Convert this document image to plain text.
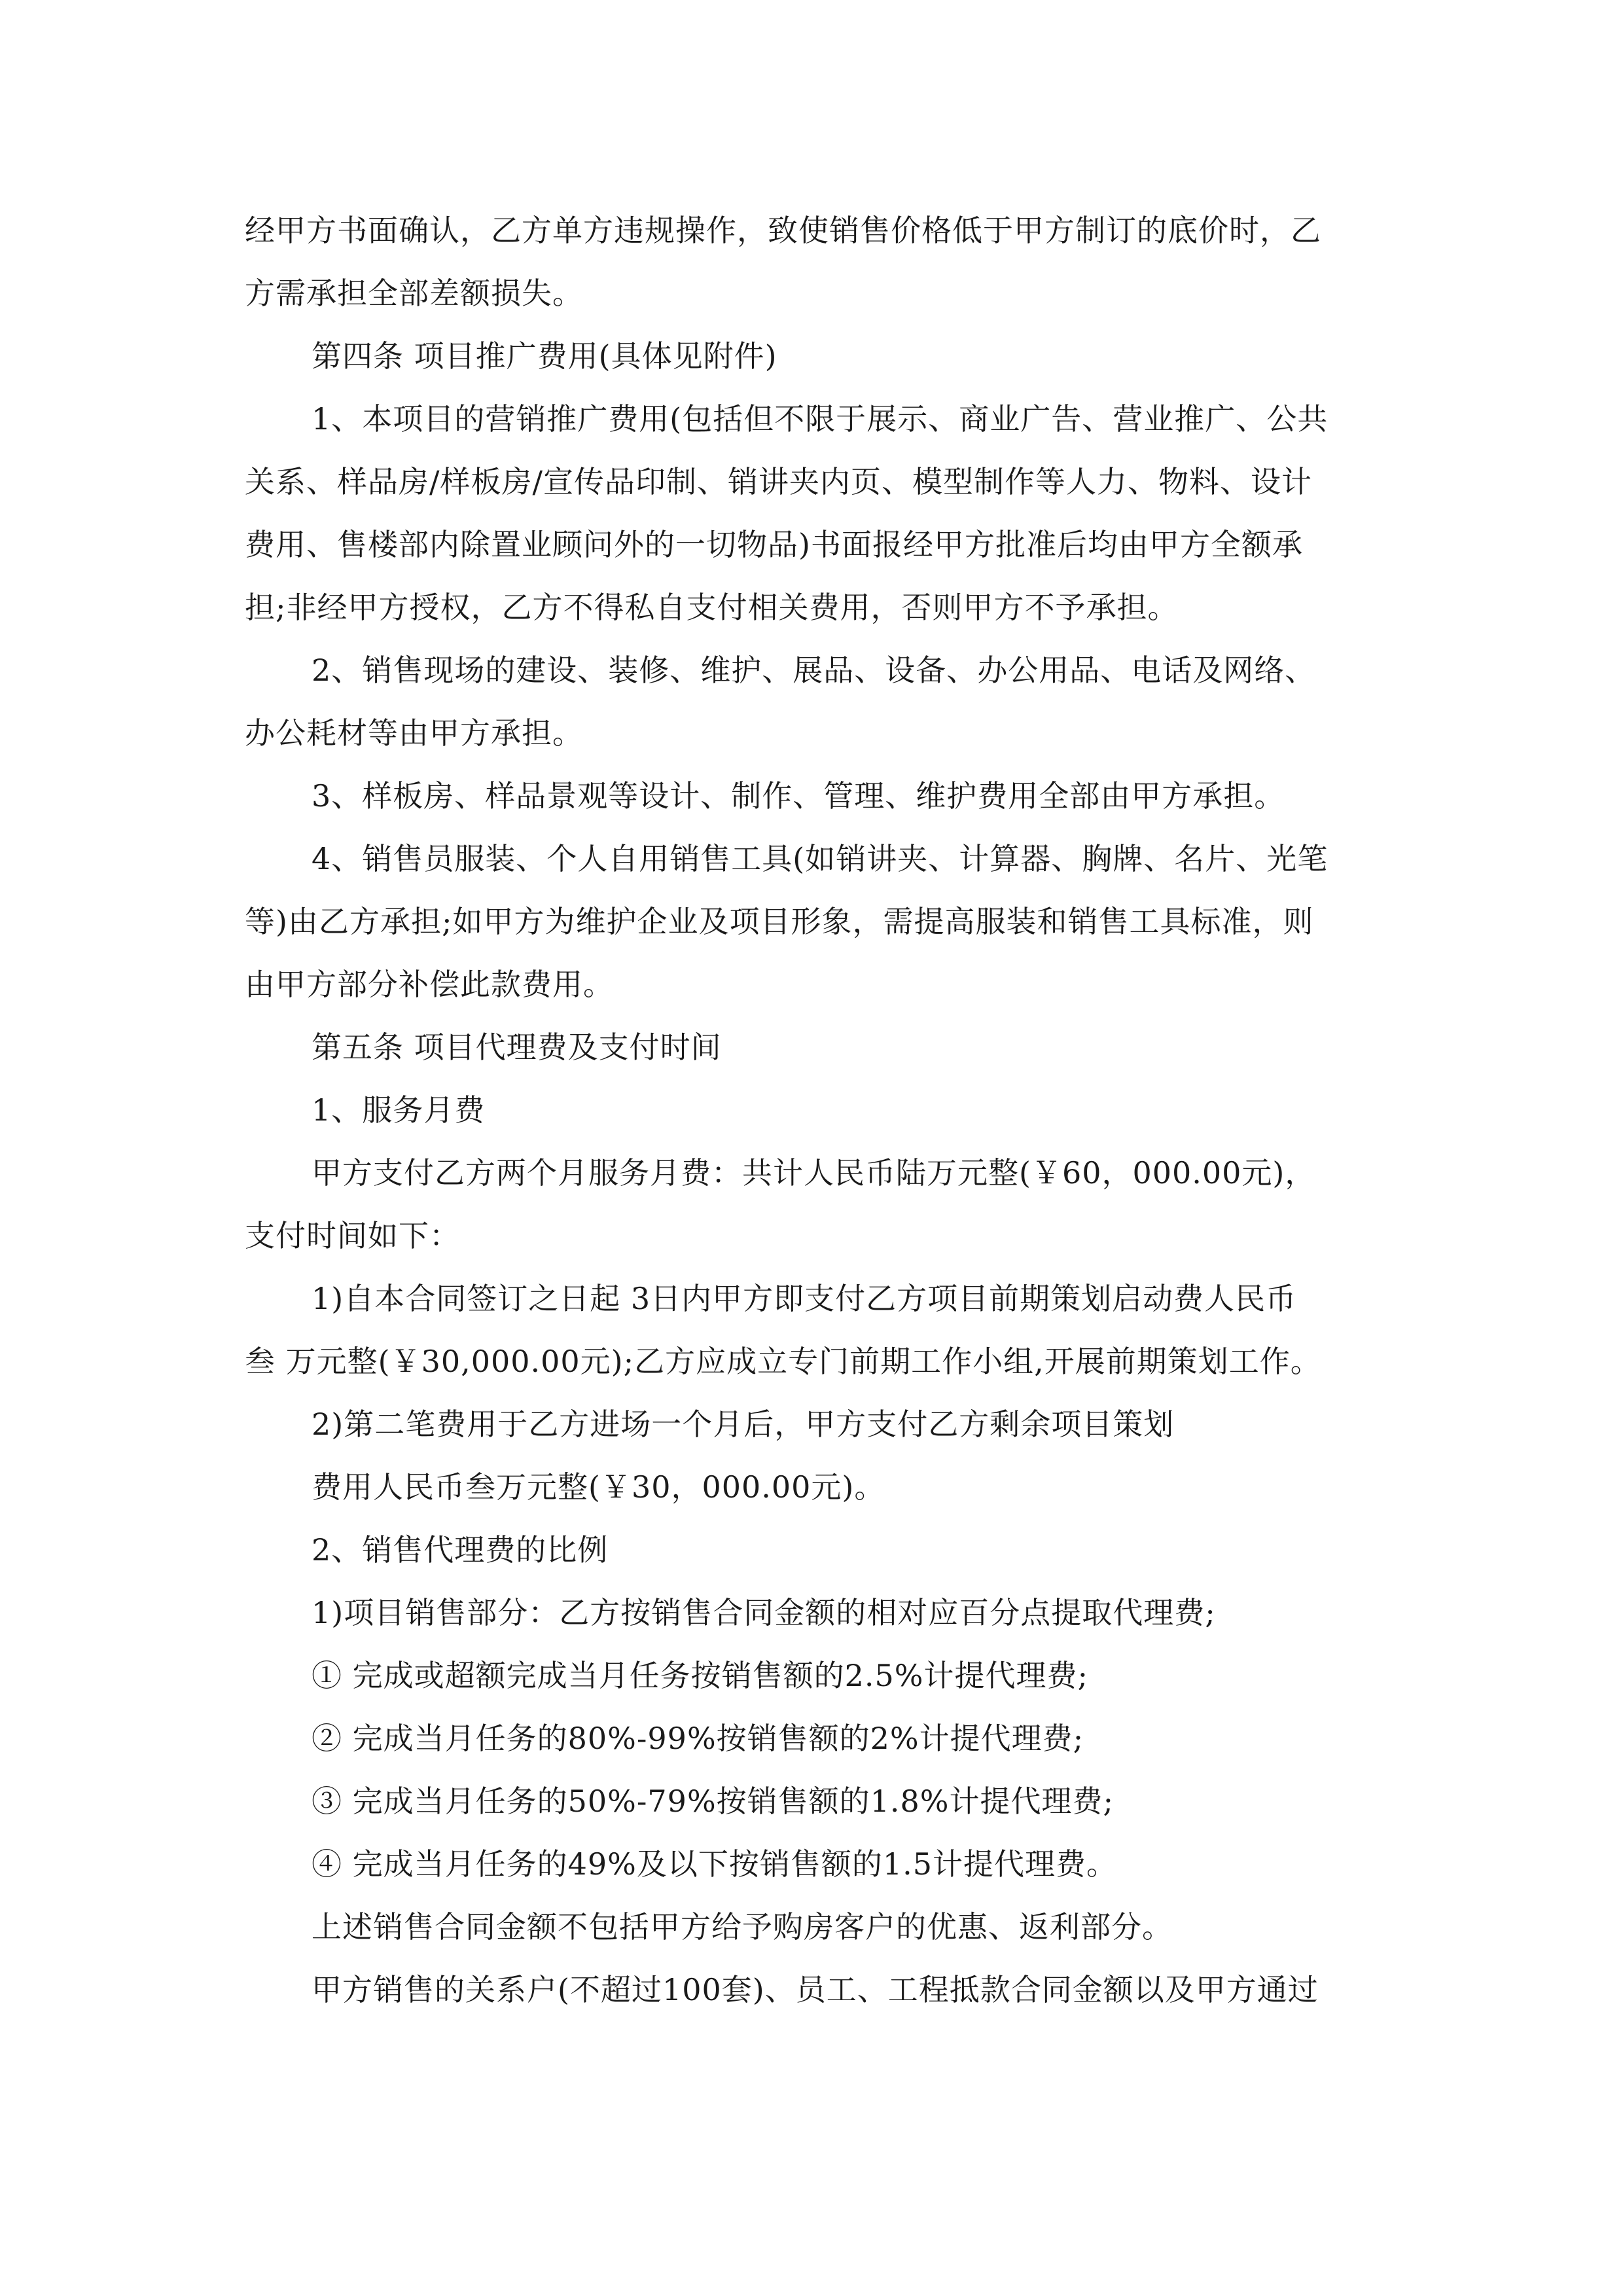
经甲方书面确认，乙方单方违规操作，致使销售价格低于甲方制订的底价时，乙
方需承担全部差额损失。
第四条 项目推广费用(具体见附件)
1、本项目的营销推广费用(包括但不限于展示、商业广告、营业推广、公共
关系、样品房/样板房/宣传品印制、销讲夹内页、模型制作等人力、物料、设计
费用、售楼部内除置业顾问外的一切物品)书面报经甲方批准后均由甲方全额承
担;非经甲方授权，乙方不得私自支付相关费用，否则甲方不予承担。
2、销售现场的建设、装修、维护、展品、设备、办公用品、电话及网络、
办公耗材等由甲方承担。
3、样板房、样品景观等设计、制作、管理、维护费用全部由甲方承担。
4、销售员服装、个人自用销售工具(如销讲夹、计算器、胸牌、名片、光笔
等)由乙方承担;如甲方为维护企业及项目形象，需提高服装和销售工具标准，则
由甲方部分补偿此款费用。
第五条 项目代理费及支付时间
1、服务月费
甲方支付乙方两个月服务月费：共计人民币陆万元整(￥60，000.00元)，
支付时间如下：
1)自本合同签订之日起 3日内甲方即支付乙方项目前期策划启动费人民币
叁 万元整(￥30,000.00元);乙方应成立专门前期工作小组,开展前期策划工作。
2)第二笔费用于乙方进场一个月后，甲方支付乙方剩余项目策划
费用人民币叁万元整(￥30，000.00元)。
2、销售代理费的比例
1)项目销售部分：乙方按销售合同金额的相对应百分点提取代理费;
① 完成或超额完成当月任务按销售额的2.5%计提代理费;
② 完成当月任务的80%-99%按销售额的2%计提代理费;
③ 完成当月任务的50%-79%按销售额的1.8%计提代理费;
④ 完成当月任务的49%及以下按销售额的1.5计提代理费。
上述销售合同金额不包括甲方给予购房客户的优惠、返利部分。
甲方销售的关系户(不超过100套)、员工、工程抵款合同金额以及甲方通过
